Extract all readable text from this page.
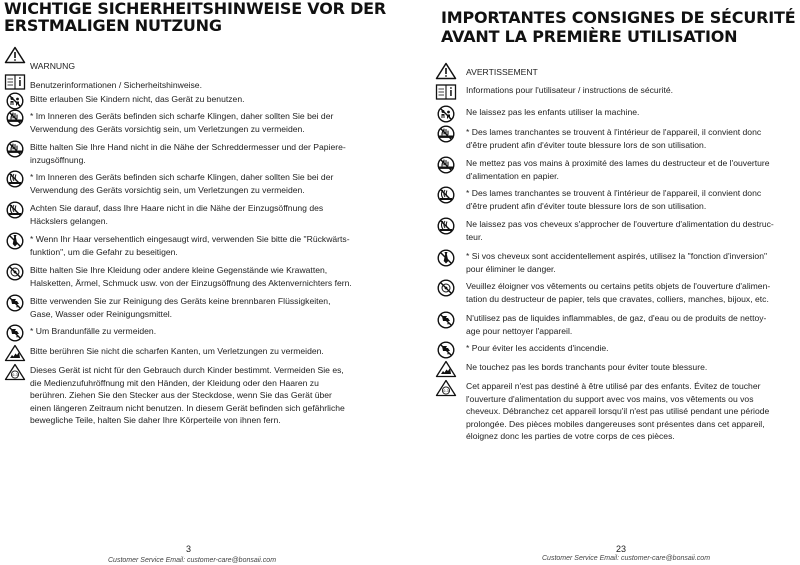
WICHTIGE SICHERHEITSHINWEISE VOR DER
ERSTMALIGEN NUTZUNG
WARNUNG
Benutzerinformationen / Sicherheitshinweise.
Bitte erlauben Sie Kindern nicht, das Gerät zu benutzen.
* Im Inneren des Geräts befinden sich scharfe Klingen, daher sollten Sie bei der
Verwendung des Geräts vorsichtig sein, um Verletzungen zu vermeiden.
Bitte halten Sie Ihre Hand nicht in die Nähe der Schreddermesser und der Papiere-
inzugsöffnung.
* Im Inneren des Geräts befinden sich scharfe Klingen, daher sollten Sie bei der
Verwendung des Geräts vorsichtig sein, um Verletzungen zu vermeiden.
Achten Sie darauf, dass Ihre Haare nicht in die Nähe der Einzugsöffnung des
Häckslers gelangen.
* Wenn Ihr Haar versehentlich eingesaugt wird, verwenden Sie bitte die "Rückwärts-
funktion", um die Gefahr zu beseitigen.
Bitte halten Sie Ihre Kleidung oder andere kleine Gegenstände wie Krawatten,
Halsketten, Ärmel, Schmuck usw. von der Einzugsöffnung des Aktenvernichters fern.
Bitte verwenden Sie zur Reinigung des Geräts keine brennbaren Flüssigkeiten,
Gase, Wasser oder Reinigungsmittel.
* Um Brandunfälle zu vermeiden.
Bitte berühren Sie nicht die scharfen Kanten, um Verletzungen zu vermeiden.
Dieses Gerät ist nicht für den Gebrauch durch Kinder bestimmt. Vermeiden Sie es,
die Medienzufuhröffnung mit den Händen, der Kleidung oder den Haaren zu
berühren. Ziehen Sie den Stecker aus der Steckdose, wenn Sie das Gerät über
einen längeren Zeitraum nicht benutzen. In diesem Gerät befinden sich gefährliche
bewegliche Teile, halten Sie daher Ihre Körperteile von ihnen fern.
3
Customer Service Email: customer-care@bonsaii.com
IMPORTANTES CONSIGNES DE SÉCURITÉ
AVANT LA PREMIÈRE UTILISATION
AVERTISSEMENT
Informations pour l'utilisateur / instructions de sécurité.
Ne laissez pas les enfants utiliser la machine.
* Des lames tranchantes se trouvent à l'intérieur de l'appareil, il convient donc
d'être prudent afin d'éviter toute blessure lors de son utilisation.
Ne mettez pas vos mains à proximité des lames du destructeur et de l'ouverture
d'alimentation en papier.
* Des lames tranchantes se trouvent à l'intérieur de l'appareil, il convient donc
d'être prudent afin d'éviter toute blessure lors de son utilisation.
Ne laissez pas vos cheveux s'approcher de l'ouverture d'alimentation du destruc-
teur.
* Si vos cheveux sont accidentellement aspirés, utilisez la "fonction d'inversion"
pour éliminer le danger.
Veuillez éloigner vos vêtements ou certains petits objets de l'ouverture d'alimen-
tation du destructeur de papier, tels que cravates, colliers, manches, bijoux, etc.
N'utilisez pas de liquides inflammables, de gaz, d'eau ou de produits de nettoy-
age pour nettoyer l'appareil.
* Pour éviter les accidents d'incendie.
Ne touchez pas les bords tranchants pour éviter toute blessure.
Cet appareil n'est pas destiné à être utilisé par des enfants. Évitez de toucher
l'ouverture d'alimentation du support avec vos mains, vos vêtements ou vos
cheveux. Débranchez cet appareil lorsqu'il n'est pas utilisé pendant une période
prolongée. Des pièces mobiles dangereuses sont présentes dans cet appareil,
éloignez donc les parties de votre corps de ces pièces.
23
Customer Service Email: customer-care@bonsaii.com
